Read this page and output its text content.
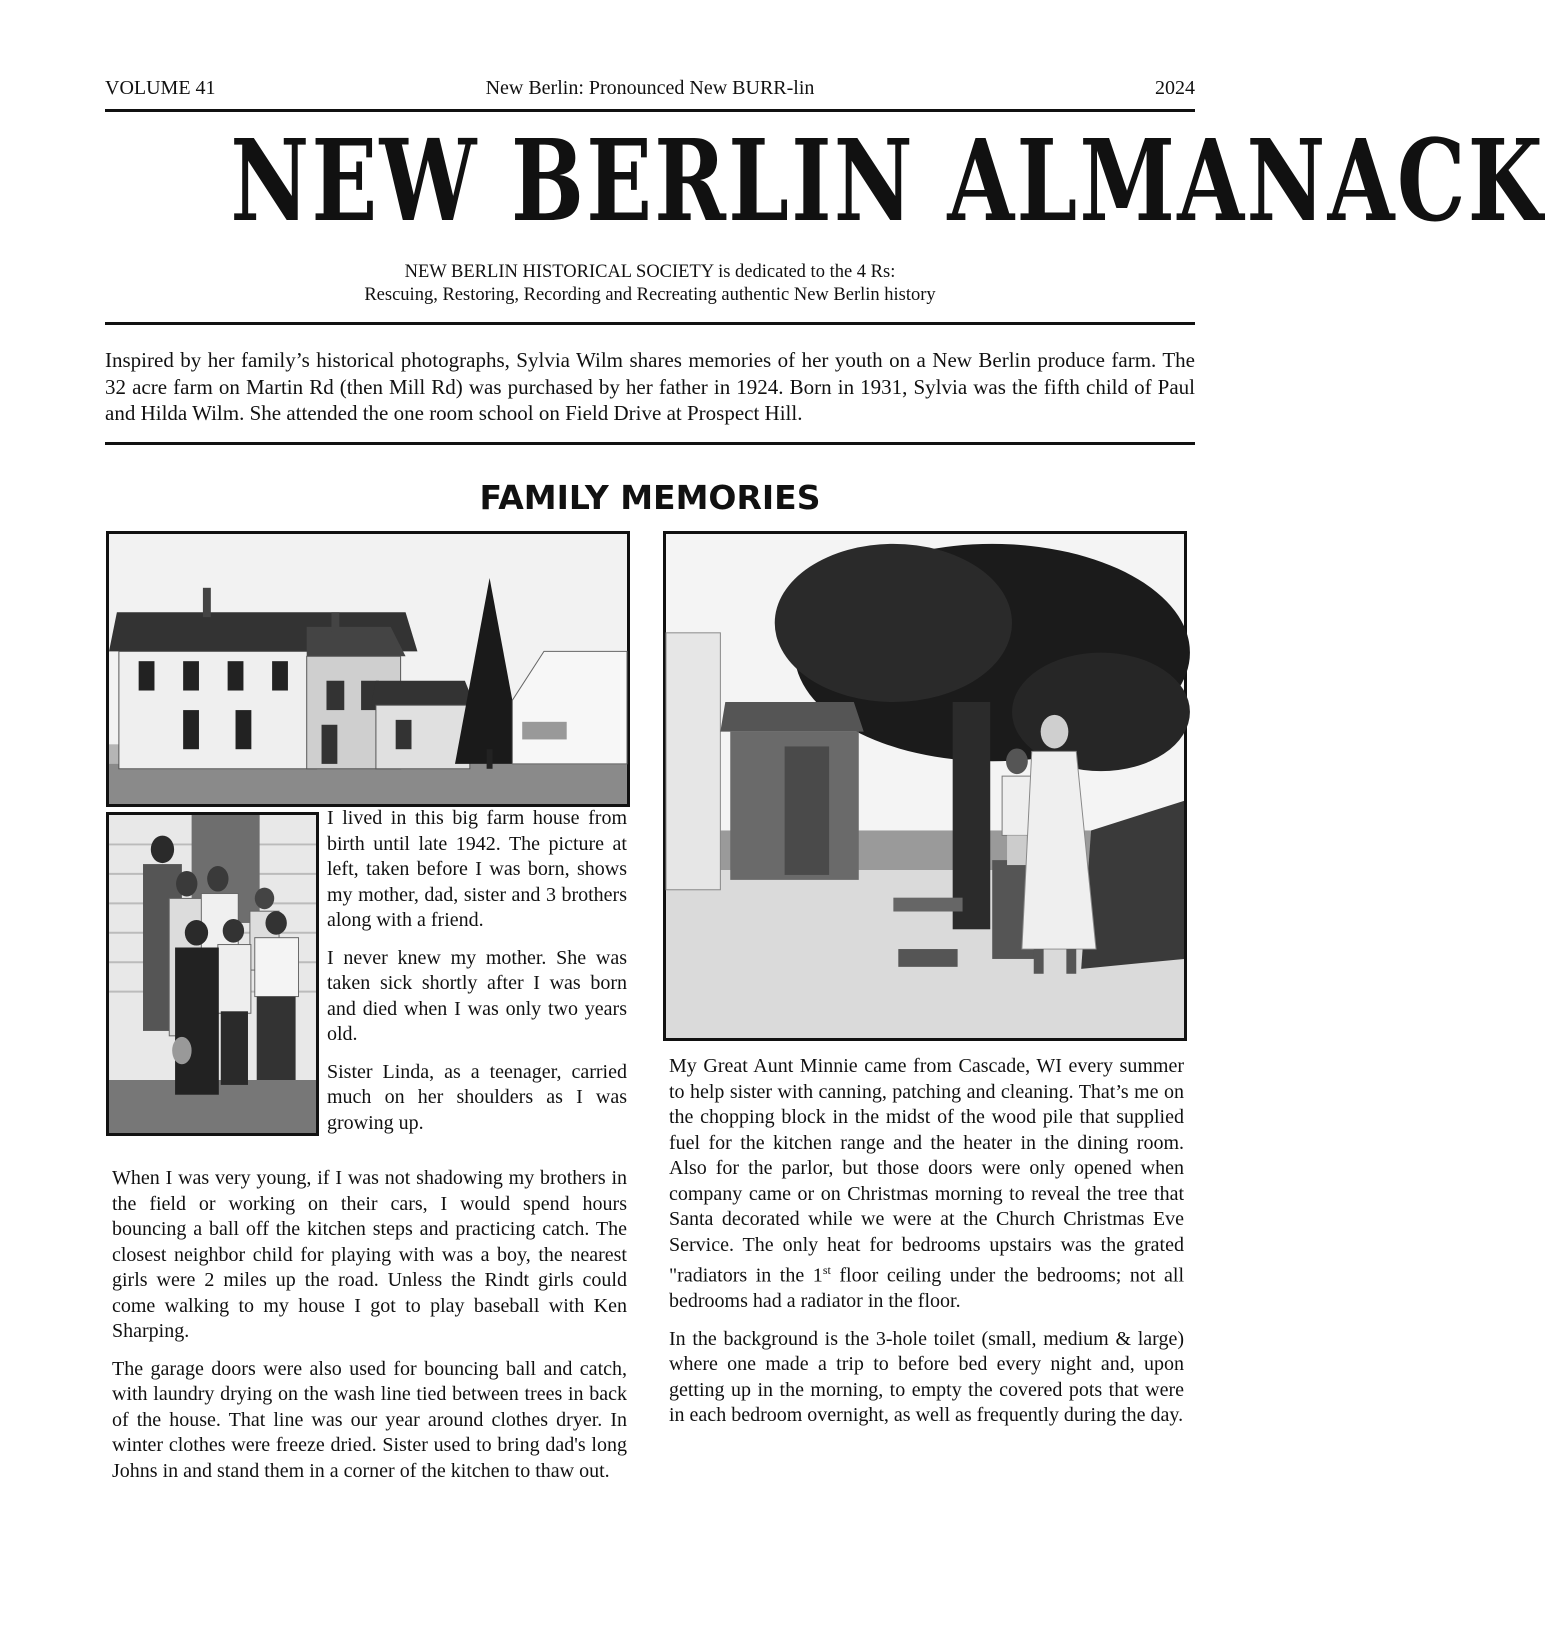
VOLUME 41	New Berlin: Pronounced New BURR-lin	2024
NEW BERLIN ALMANACK
NEW BERLIN HISTORICAL SOCIETY is dedicated to the 4 Rs:
Rescuing, Restoring, Recording and Recreating authentic New Berlin history
Inspired by her family’s historical photographs, Sylvia Wilm shares memories of her youth on a New Berlin produce farm. The 32 acre farm on Martin Rd (then Mill Rd) was purchased by her father in 1924. Born in 1931, Sylvia was the fifth child of Paul and Hilda Wilm. She attended the one room school on Field Drive at Prospect Hill.
FAMILY MEMORIES

I lived in this big farm house from birth until late 1942. The picture at left, taken before I was born, shows my mother, dad, sister and 3 brothers along with a friend.

I never knew my mother. She was taken sick shortly after I was born and died when I was only two years old.

Sister Linda, as a teenager, carried much on her shoulders as I was growing up.

When I was very young, if I was not shadowing my brothers in the field or working on their cars, I would spend hours bouncing a ball off the kitchen steps and practicing catch. The closest neighbor child for playing with was a boy, the nearest girls were 2 miles up the road. Unless the Rindt girls could come walking to my house I got to play baseball with Ken Sharping.

The garage doors were also used for bouncing ball and catch, with laundry drying on the wash line tied between trees in back of the house. That line was our year around clothes dryer. In winter clothes were freeze dried. Sister used to bring dad's long Johns in and stand them in a corner of the kitchen to thaw out.

My Great Aunt Minnie came from Cascade, WI every summer to help sister with canning, patching and cleaning. That’s me on the chopping block in the midst of the wood pile that supplied fuel for the kitchen range and the heater in the dining room. Also for the parlor, but those doors were only opened when company came or on Christmas morning to reveal the tree that Santa decorated while we were at the Church Christmas Eve Service. The only heat for bedrooms upstairs was the grated "radiators in the 1st floor ceiling under the bedrooms; not all bedrooms had a radiator in the floor.

In the background is the 3-hole toilet (small, medium & large) where one made a trip to before bed every night and, upon getting up in the morning, to empty the covered pots that were in each bedroom overnight, as well as frequently during the day.
